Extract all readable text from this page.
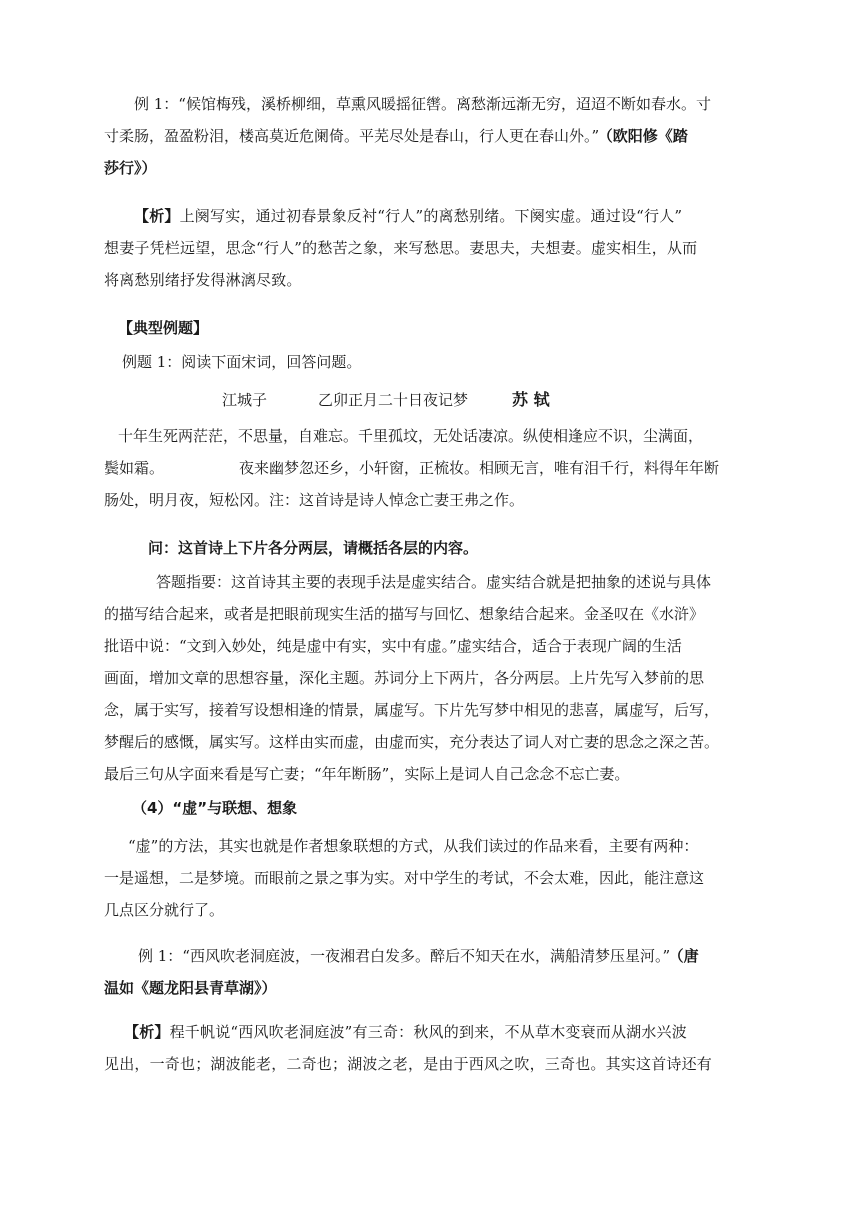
例 1：“候馆梅残，溪桥柳细，草熏风暖摇征辔。离愁渐远渐无穷，迢迢不断如春水。寸
寸柔肠，盈盈粉泪，楼高莫近危阑倚。平芜尽处是春山，行人更在春山外。” （欧阳修《踏
莎行》）
【析】上阕写实，通过初春景象反衬“行人”的离愁别绪。下阕实虚。通过设“行人”
想妻子凭栏远望，思念“行人”的愁苦之象，来写愁思。妻思夫，夫想妻。虚实相生，从而
将离愁别绪抒发得淋漓尽致。
【典型例题】
例题 1：阅读下面宋词，回答问题。
江城子	乙卯正月二十日夜记梦	苏 轼
十年生死两茫茫，不思量，自难忘。千里孤坟，无处话凄凉。纵使相逢应不识，尘满面，
鬓如霜。	夜来幽梦忽还乡，小轩窗，正梳妆。相顾无言，唯有泪千行，料得年年断
肠处，明月夜，短松冈。注：这首诗是诗人悼念亡妻王弗之作。
问：这首诗上下片各分两层，请概括各层的内容。
答题指要：这首诗其主要的表现手法是虚实结合。虚实结合就是把抽象的述说与具体
的描写结合起来，或者是把眼前现实生活的描写与回忆、想象结合起来。金圣叹在《水浒》
批语中说：“文到入妙处，纯是虚中有实，实中有虚。”虚实结合，适合于表现广阔的生活
画面，增加文章的思想容量，深化主题。苏词分上下两片，各分两层。上片先写入梦前的思
念，属于实写，接着写设想相逢的情景，属虚写。下片先写梦中相见的悲喜，属虚写，后写，
梦醒后的感慨，属实写。这样由实而虚，由虚而实，充分表达了词人对亡妻的思念之深之苦。
最后三句从字面来看是写亡妻；“年年断肠”，实际上是词人自己念念不忘亡妻。
（4）“虚”与联想、想象
“虚”的方法，其实也就是作者想象联想的方式，从我们读过的作品来看，主要有两种：
一是遥想，二是梦境。而眼前之景之事为实。对中学生的考试，不会太难，因此，能注意这
几点区分就行了。
例 1：“西风吹老洞庭波，一夜湘君白发多。醉后不知天在水，满船清梦压星河。” （唐
温如《题龙阳县青草湖》）
【析】程千帆说“西风吹老洞庭波”有三奇：秋风的到来，不从草木变衰而从湖水兴波
见出，一奇也；湖波能老，二奇也；湖波之老，是由于西风之吹，三奇也。其实这首诗还有
